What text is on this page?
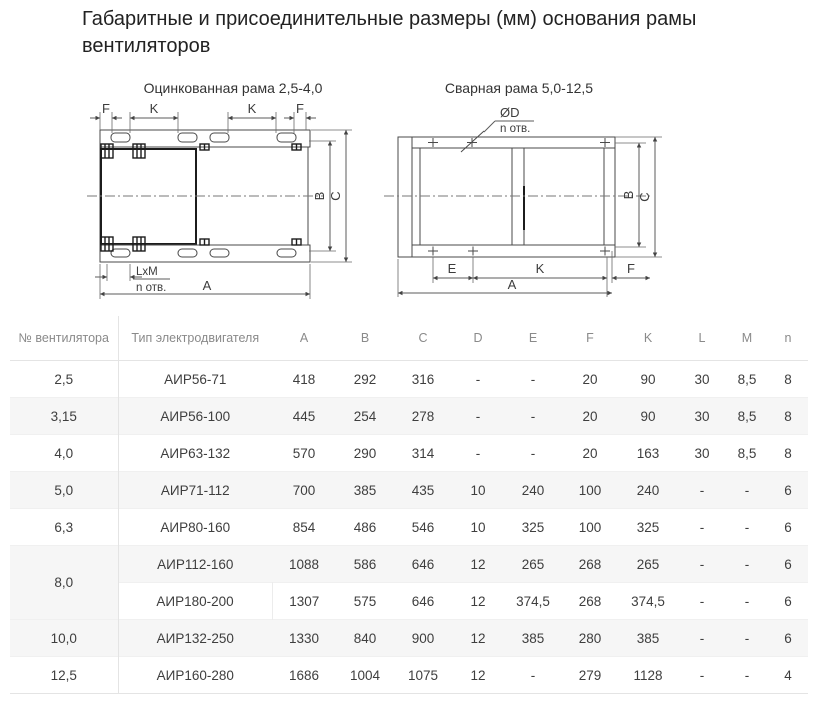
Габаритные и присоединительные размеры (мм) основания рамы вентиляторов
Оцинкованная рама 2,5-4,0
F	K	K	F
B C
LxM
n отв.	A
Сварная рама 5,0-12,5
ØD
n отв.
B C
E	K	F
A
№ вентилятора	Тип электродвигателя	A	B	C	D	E	F	K	L	M	n
2,5	АИР56-71	418	292	316	-	-	20	90	30	8,5	8
3,15	АИР56-100	445	254	278	-	-	20	90	30	8,5	8
4,0	АИР63-132	570	290	314	-	-	20	163	30	8,5	8
5,0	АИР71-112	700	385	435	10	240	100	240	-	-	6
6,3	АИР80-160	854	486	546	10	325	100	325	-	-	6
8,0	АИР112-160	1088	586	646	12	265	268	265	-	-	6
	АИР180-200	1307	575	646	12	374,5	268	374,5	-	-	6
10,0	АИР132-250	1330	840	900	12	385	280	385	-	-	6
12,5	АИР160-280	1686	1004	1075	12	-	279	1128	-	-	4
